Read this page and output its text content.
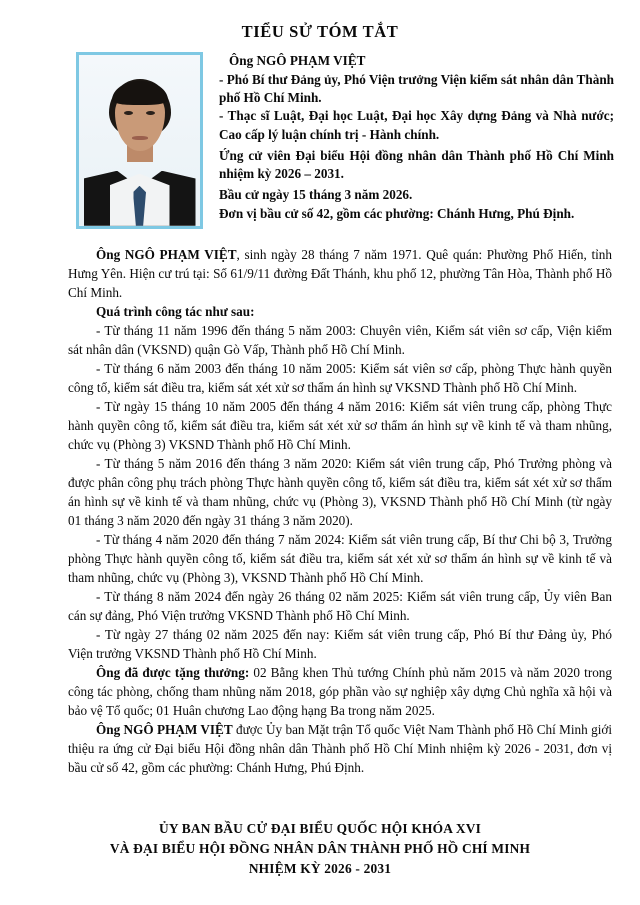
TIỂU SỬ TÓM TẮT

Ông NGÔ PHẠM VIỆT

- Phó Bí thư Đảng ủy, Phó Viện trưởng Viện kiểm sát nhân dân Thành phố Hồ Chí Minh.

- Thạc sĩ Luật, Đại học Luật, Đại học Xây dựng Đảng và Nhà nước; Cao cấp lý luận chính trị - Hành chính.

Ứng cử viên Đại biểu Hội đồng nhân dân Thành phố Hồ Chí Minh nhiệm kỳ 2026 – 2031.

Bầu cử ngày 15 tháng 3 năm 2026.

Đơn vị bầu cử số 42, gồm các phường: Chánh Hưng, Phú Định.

Ông NGÔ PHẠM VIỆT, sinh ngày 28 tháng 7 năm 1971. Quê quán: Phường Phố Hiến, tỉnh Hưng Yên. Hiện cư trú tại: Số 61/9/11 đường Đất Thánh, khu phố 12, phường Tân Hòa, Thành phố Hồ Chí Minh.

Quá trình công tác như sau:

- Từ tháng 11 năm 1996 đến tháng 5 năm 2003: Chuyên viên, Kiểm sát viên sơ cấp, Viện kiểm sát nhân dân (VKSND) quận Gò Vấp, Thành phố Hồ Chí Minh.

- Từ tháng 6 năm 2003 đến tháng 10 năm 2005: Kiểm sát viên sơ cấp, phòng Thực hành quyền công tố, kiểm sát điều tra, kiểm sát xét xử sơ thẩm án hình sự VKSND Thành phố Hồ Chí Minh.

- Từ ngày 15 tháng 10 năm 2005 đến tháng 4 năm 2016: Kiểm sát viên trung cấp, phòng Thực hành quyền công tố, kiểm sát điều tra, kiểm sát xét xử sơ thẩm án hình sự về kinh tế và tham nhũng, chức vụ (Phòng 3) VKSND Thành phố Hồ Chí Minh.

- Từ tháng 5 năm 2016 đến tháng 3 năm 2020: Kiểm sát viên trung cấp, Phó Trưởng phòng và được phân công phụ trách phòng Thực hành quyền công tố, kiểm sát điều tra, kiểm sát xét xử sơ thẩm án hình sự về kinh tế và tham nhũng, chức vụ (Phòng 3), VKSND Thành phố Hồ Chí Minh (từ ngày 01 tháng 3 năm 2020 đến ngày 31 tháng 3 năm 2020).

- Từ tháng 4 năm 2020 đến tháng 7 năm 2024: Kiểm sát viên trung cấp, Bí thư Chi bộ 3, Trưởng phòng Thực hành quyền công tố, kiểm sát điều tra, kiểm sát xét xử sơ thẩm án hình sự về kinh tế và tham nhũng, chức vụ (Phòng 3), VKSND Thành phố Hồ Chí Minh.

- Từ tháng 8 năm 2024 đến ngày 26 tháng 02 năm 2025: Kiểm sát viên trung cấp, Ủy viên Ban cán sự đảng, Phó Viện trưởng VKSND Thành phố Hồ Chí Minh.

- Từ ngày 27 tháng 02 năm 2025 đến nay: Kiểm sát viên trung cấp, Phó Bí thư Đảng ủy, Phó Viện trưởng VKSND Thành phố Hồ Chí Minh.

Ông đã được tặng thưởng: 02 Bằng khen Thủ tướng Chính phủ năm 2015 và năm 2020 trong công tác phòng, chống tham nhũng năm 2018, góp phần vào sự nghiệp xây dựng Chủ nghĩa xã hội và bảo vệ Tổ quốc; 01 Huân chương Lao động hạng Ba trong năm 2025.

Ông NGÔ PHẠM VIỆT được Ủy ban Mặt trận Tổ quốc Việt Nam Thành phố Hồ Chí Minh giới thiệu ra ứng cử Đại biểu Hội đồng nhân dân Thành phố Hồ Chí Minh nhiệm kỳ 2026 - 2031, đơn vị bầu cử số 42, gồm các phường: Chánh Hưng, Phú Định.

ỦY BAN BẦU CỬ ĐẠI BIỂU QUỐC HỘI KHÓA XVI
VÀ ĐẠI BIỂU HỘI ĐỒNG NHÂN DÂN THÀNH PHỐ HỒ CHÍ MINH
NHIỆM KỲ 2026 - 2031
